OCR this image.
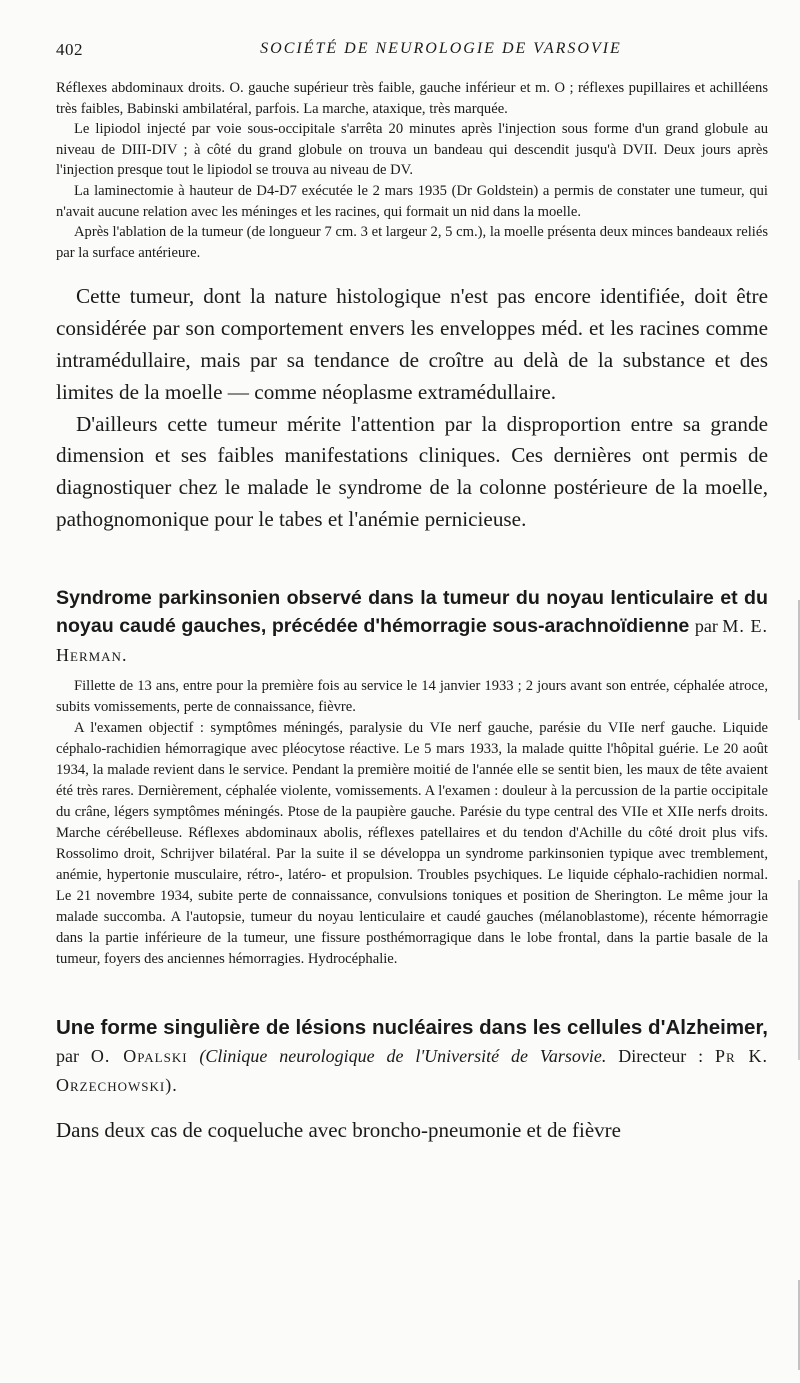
402	SOCIÉTÉ DE NEUROLOGIE DE VARSOVIE

Réflexes abdominaux droits. O. gauche supérieur très faible, gauche inférieur et m. O ; réflexes pupillaires et achilléens très faibles, Babinski ambilatéral, parfois. La marche, ataxique, très marquée.

Le lipiodol injecté par voie sous-occipitale s'arrêta 20 minutes après l'injection sous forme d'un grand globule au niveau de DIII-DIV ; à côté du grand globule on trouva un bandeau qui descendit jusqu'à DVII. Deux jours après l'injection presque tout le lipiodol se trouva au niveau de DV.

La laminectomie à hauteur de D4-D7 exécutée le 2 mars 1935 (Dr Goldstein) a permis de constater une tumeur, qui n'avait aucune relation avec les méninges et les racines, qui formait un nid dans la moelle.

Après l'ablation de la tumeur (de longueur 7 cm. 3 et largeur 2, 5 cm.), la moelle présenta deux minces bandeaux reliés par la surface antérieure.

Cette tumeur, dont la nature histologique n'est pas encore identifiée, doit être considérée par son comportement envers les enveloppes méd. et les racines comme intramédullaire, mais par sa tendance de croître au delà de la substance et des limites de la moelle — comme néoplasme extramédullaire.

D'ailleurs cette tumeur mérite l'attention par la disproportion entre sa grande dimension et ses faibles manifestations cliniques. Ces dernières ont permis de diagnostiquer chez le malade le syndrome de la colonne postérieure de la moelle, pathognomonique pour le tabes et l'anémie pernicieuse.

Syndrome parkinsonien observé dans la tumeur du noyau lenticulaire et du noyau caudé gauches, précédée d'hémorragie sous-arachnoïdienne par M. E. Herman.

Fillette de 13 ans, entre pour la première fois au service le 14 janvier 1933 ; 2 jours avant son entrée, céphalée atroce, subits vomissements, perte de connaissance, fièvre.

A l'examen objectif : symptômes méningés, paralysie du VIe nerf gauche, parésie du VIIe nerf gauche. Liquide céphalo-rachidien hémorragique avec pléocytose réactive. Le 5 mars 1933, la malade quitte l'hôpital guérie. Le 20 août 1934, la malade revient dans le service. Pendant la première moitié de l'année elle se sentit bien, les maux de tête avaient été très rares. Dernièrement, céphalée violente, vomissements. A l'examen : douleur à la percussion de la partie occipitale du crâne, légers symptômes méningés. Ptose de la paupière gauche. Parésie du type central des VIIe et XIIe nerfs droits. Marche cérébelleuse. Réflexes abdominaux abolis, réflexes patellaires et du tendon d'Achille du côté droit plus vifs. Rossolimo droit, Schrijver bilatéral. Par la suite il se développa un syndrome parkinsonien typique avec tremblement, anémie, hypertonie musculaire, rétro-, latéro- et propulsion. Troubles psychiques. Le liquide céphalo-rachidien normal. Le 21 novembre 1934, subite perte de connaissance, convulsions toniques et position de Sherington. Le même jour la malade succomba. A l'autopsie, tumeur du noyau lenticulaire et caudé gauches (mélanoblastome), récente hémorragie dans la partie inférieure de la tumeur, une fissure posthémorragique dans le lobe frontal, dans la partie basale de la tumeur, foyers des anciennes hémorragies. Hydrocéphalie.

Une forme singulière de lésions nucléaires dans les cellules d'Alzheimer, par O. Opalski (Clinique neurologique de l'Université de Varsovie. Directeur : Pr K. Orzechowski).

Dans deux cas de coqueluche avec broncho-pneumonie et de fièvre
